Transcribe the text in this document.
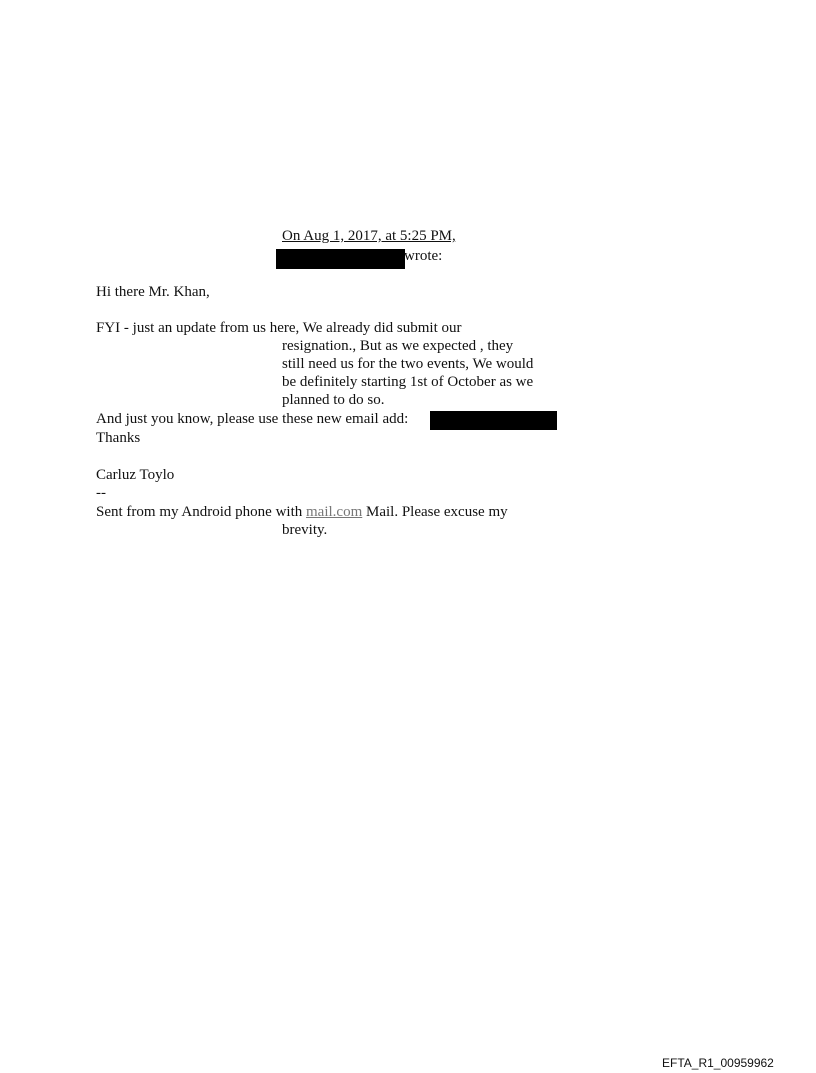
On Aug 1, 2017, at 5:25 PM,

wrote:

Hi there Mr. Khan,

FYI - just an update from us here, We already did submit our

resignation., But as we expected , they

still need us for the two events, We would

be definitely starting 1st of October as we

planned to do so.

And just you know, please use these new email add:

Thanks

Carluz Toylo

--

Sent from my Android phone with mail.com Mail. Please excuse my

brevity.

EFTA_R1_00959962
